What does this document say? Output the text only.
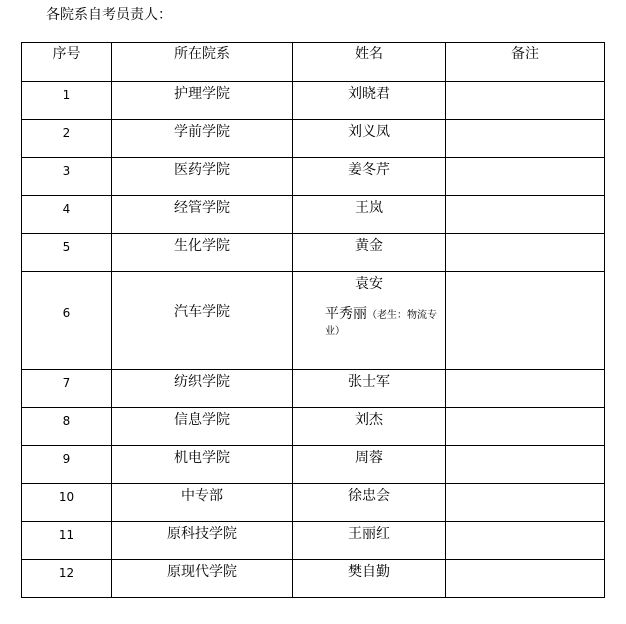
各院系自考员责人：
序号	所在院系	姓名	备注

1	护理学院	刘晓君	

2	学前学院	刘义凤	

3	医药学院	姜冬芹	

4	经管学院	王岚	

5	生化学院	黄金	

6	汽车学院	袁安
平秀丽（老生：物流专
业）	

7	纺织学院	张士军	

8	信息学院	刘杰	

9	机电学院	周蓉	

10	中专部	徐忠会	

11	原科技学院	王丽红	

12	原现代学院	樊自勤	
